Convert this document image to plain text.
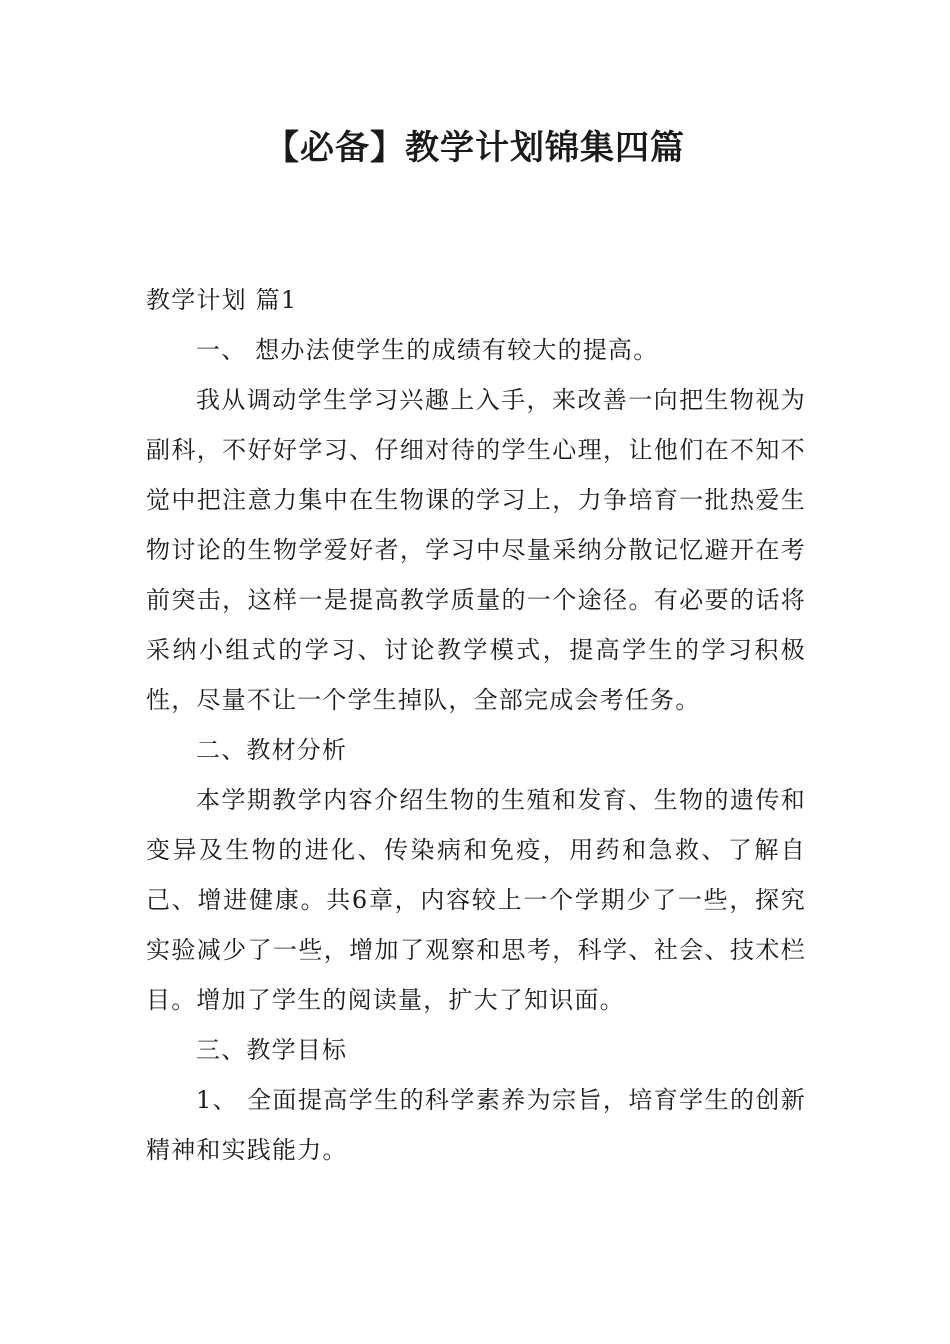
【必备】教学计划锦集四篇

教学计划 篇1

一、 想办法使学生的成绩有较大的提高。

我从调动学生学习兴趣上入手，来改善一向把生物视为副科，不好好学习、仔细对待的学生心理，让他们在不知不觉中把注意力集中在生物课的学习上，力争培育一批热爱生物讨论的生物学爱好者，学习中尽量采纳分散记忆避开在考前突击，这样一是提高教学质量的一个途径。有必要的话将采纳小组式的学习、讨论教学模式，提高学生的学习积极性，尽量不让一个学生掉队，全部完成会考任务。

二、教材分析

本学期教学内容介绍生物的生殖和发育、生物的遗传和变异及生物的进化、传染病和免疫，用药和急救、了解自己、增进健康。共6章，内容较上一个学期少了一些，探究实验减少了一些，增加了观察和思考，科学、社会、技术栏目。增加了学生的阅读量，扩大了知识面。

三、教学目标

1、 全面提高学生的科学素养为宗旨，培育学生的创新精神和实践能力。
